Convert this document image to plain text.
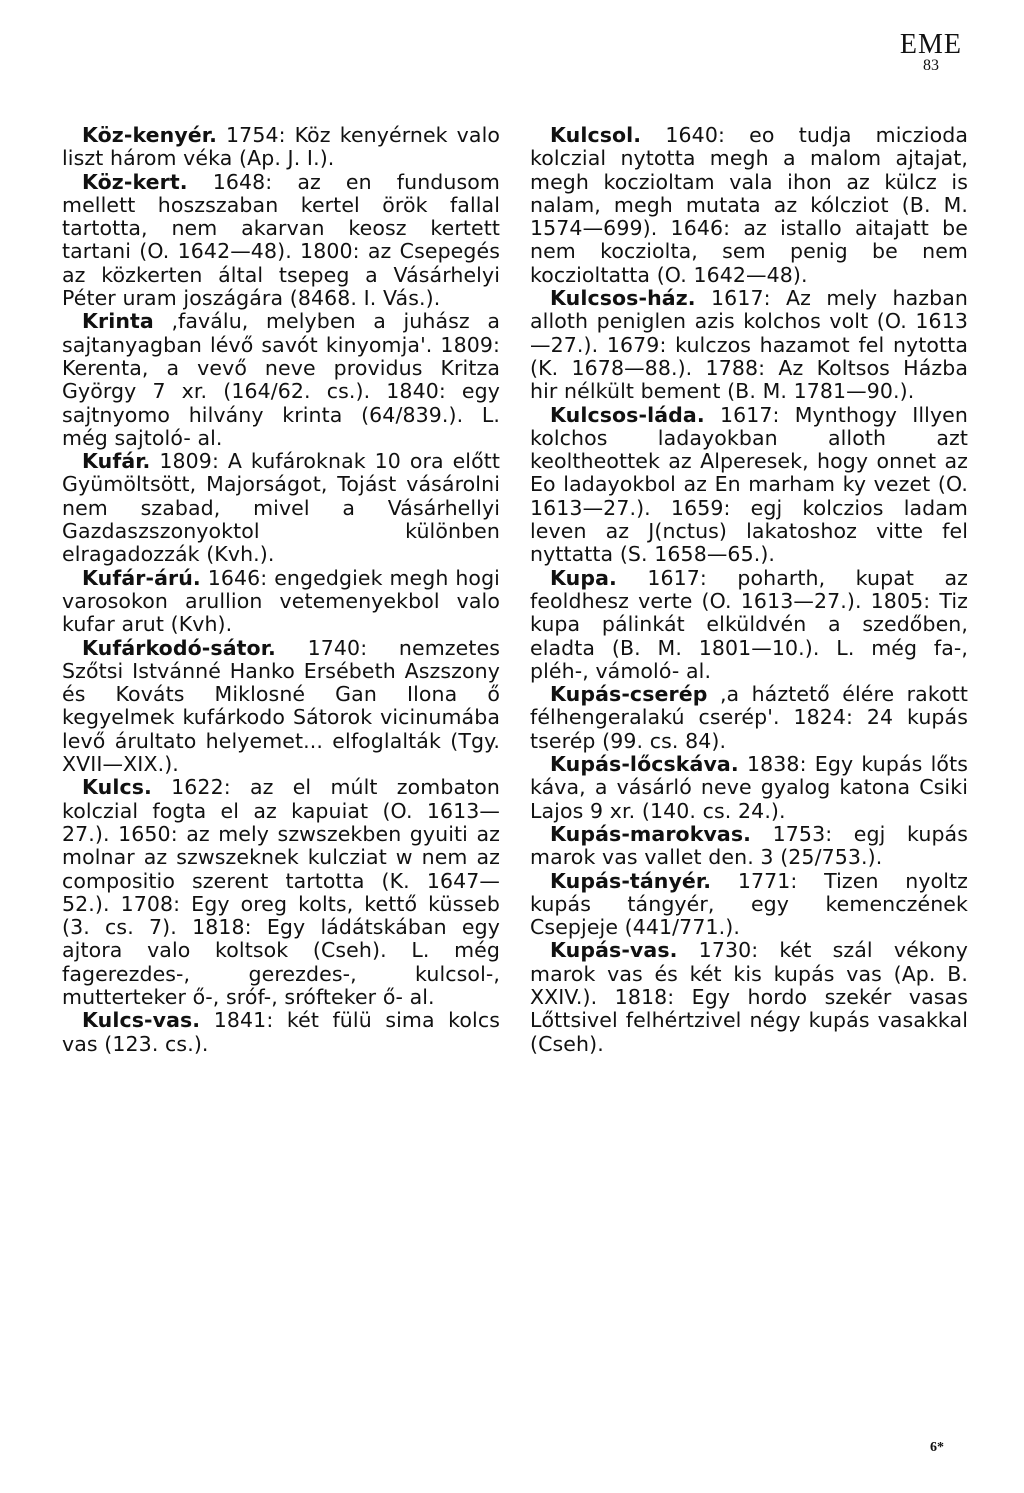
EME
83

Köz-kenyér. 1754: Köz kenyérnek valo liszt három véka (Ap. J. I.).

Köz-kert. 1648: az en fundusom mellett hoszszaban kertel örök fallal tartotta, nem akarvan keosz kertett tartani (O. 1642—48). 1800: az Csepegés az közkerten által tsepeg a Vásárhelyi Péter uram joszágára (8468. I. Vás.).

Krinta ‚faválu, melyben a juhász a sajtanyagban lévő savót kinyomja'. 1809: Kerenta, a vevő neve providus Kritza György 7 xr. (164/62. cs.). 1840: egy sajtnyomo hilvány krinta (64/839.). L. még sajtoló- al.

Kufár. 1809: A kufároknak 10 ora előtt Gyümöltsött, Majorságot, Tojást vásárolni nem szabad, mivel a Vásárhellyi Gazdaszszonyoktol különben elragadozzák (Kvh.).

Kufár-árú. 1646: engedgiek megh hogi varosokon arullion vetemenyekbol valo kufar arut (Kvh).

Kufárkodó-sátor. 1740: nemzetes Szőtsi Istvánné Hanko Ersébeth Aszszony és Kováts Miklosné Gan Ilona ő kegyelmek kufárkodo Sátorok vicinumába levő árultato helyemet... elfoglalták (Tgy. XVII—XIX.).

Kulcs. 1622: az el múlt zombaton kolczial fogta el az kapuiat (O. 1613—27.). 1650: az mely szwszekben gyuiti az molnar az szwszeknek kulcziat w nem az compositio szerent tartotta (K. 1647—52.). 1708: Egy oreg kolts, kettő küsseb (3. cs. 7). 1818: Egy ládátskában egy ajtora valo koltsok (Cseh). L. még fagerezdes-, gerezdes-, kulcsol-, mutterteker ő-, sróf-, srófteker ő- al.

Kulcs-vas. 1841: két fülü sima kolcs vas (123. cs.).

Kulcsol. 1640: eo tudja miczioda kolczial nytotta megh a malom ajtajat, megh koczioltam vala ihon az külcz is nalam, megh mutata az kólcziot (B. M. 1574—699). 1646: az istallo aitajatt be nem kocziolta, sem penig be nem koczioltatta (O. 1642—48).

Kulcsos-ház. 1617: Az mely hazban alloth peniglen azis kolchos volt (O. 1613—27.). 1679: kulczos hazamot fel nytotta (K. 1678—88.). 1788: Az Koltsos Házba hir nélkült bement (B. M. 1781—90.).

Kulcsos-láda. 1617: Mynthogy Illyen kolchos ladayokban alloth azt keoltheottek az Alperesek, hogy onnet az Eo ladayokbol az En marham ky vezet (O. 1613—27.). 1659: egj kolczios ladam leven az J(nctus) lakatoshoz vitte fel nyttatta (S. 1658—65.).

Kupa. 1617: poharth, kupat az feoldhesz verte (O. 1613—27.). 1805: Tiz kupa pálinkát elküldvén a szedőben, eladta (B. M. 1801—10.). L. még fa-, pléh-, vámoló- al.

Kupás-cserép ‚a háztető élére rakott félhengeralakú cserép'. 1824: 24 kupás tserép (99. cs. 84).

Kupás-lőcskáva. 1838: Egy kupás lőts káva, a vásárló neve gyalog katona Csiki Lajos 9 xr. (140. cs. 24.).

Kupás-marokvas. 1753: egj kupás marok vas vallet den. 3 (25/753.).

Kupás-tányér. 1771: Tizen nyoltz kupás tángyér, egy kemenczének Csepjeje (441/771.).

Kupás-vas. 1730: két szál vékony marok vas és két kis kupás vas (Ap. B. XXIV.). 1818: Egy hordo szekér vasas Lőttsivel felhértzivel négy kupás vasakkal (Cseh).

6*
